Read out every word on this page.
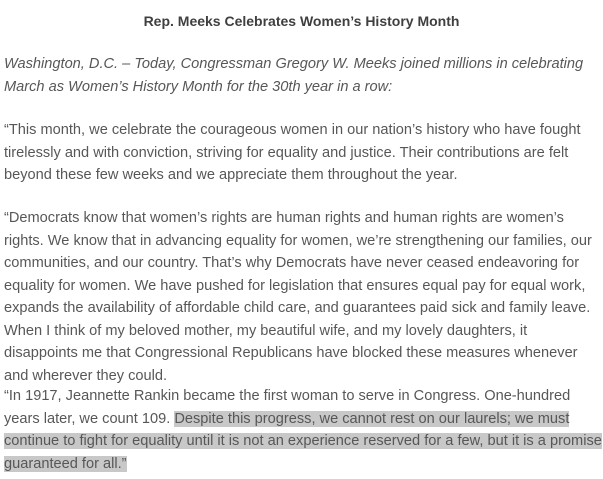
Rep. Meeks Celebrates Women’s History Month

Washington, D.C. – Today, Congressman Gregory W. Meeks joined millions in celebrating March as Women’s History Month for the 30th year in a row:

“This month, we celebrate the courageous women in our nation’s history who have fought tirelessly and with conviction, striving for equality and justice. Their contributions are felt beyond these few weeks and we appreciate them throughout the year.

“Democrats know that women’s rights are human rights and human rights are women’s rights. We know that in advancing equality for women, we’re strengthening our families, our communities, and our country. That’s why Democrats have never ceased endeavoring for equality for women. We have pushed for legislation that ensures equal pay for equal work, expands the availability of affordable child care, and guarantees paid sick and family leave. When I think of my beloved mother, my beautiful wife, and my lovely daughters, it disappoints me that Congressional Republicans have blocked these measures whenever and wherever they could.

“In 1917, Jeannette Rankin became the first woman to serve in Congress. One-hundred years later, we count 109. Despite this progress, we cannot rest on our laurels; we must continue to fight for equality until it is not an experience reserved for a few, but it is a promise guaranteed for all.”
